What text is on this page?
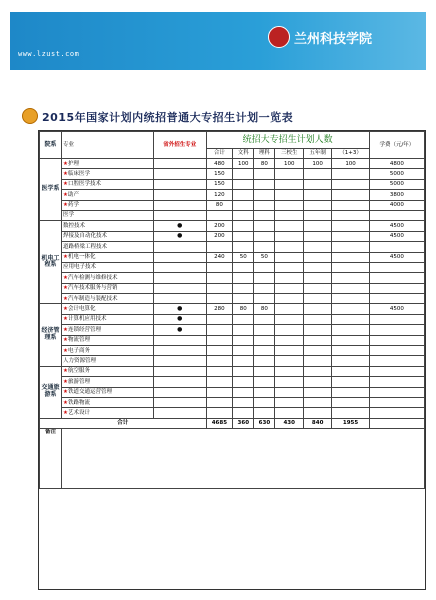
www.lzust.com
兰州科技学院
2015年国家计划内统招普通大专招生计划一览表
院系	专业	省外招生专业	统招大专招生计划人数						学费（元/年）
			合计	文科	理科	三校生	五年制	（1+3）	
医学系	★护理		480	100	80	100	100	100	4800
	★临床医学		150						5000
	★口腔医学技术		150						5000
	★助产		120						3800
	★药学		80						4000
	医学								
机电工程系	数控技术	●	200						4500
	焊接及自动化技术	●	200						4500
	道路桥梁工程技术								
	★机电一体化		240	50	50				4500
	应用电子技术								
	★汽车检测与维修技术								
	★汽车技术服务与营销								
	★汽车制造与装配技术								
经济管理系	★会计电算化	●	280	80	80				4500
	★计算机应用技术	●							
	★连锁经营管理	●							
	★物流管理								
	★电子商务								
	人力资源管理								
交通旅游系	★航空服务								
	★旅游管理								
	★铁道交通运营管理								
	★铁路物流								
	★艺术设计								
合计			4685	360	630	430	840	1955	
备注									
